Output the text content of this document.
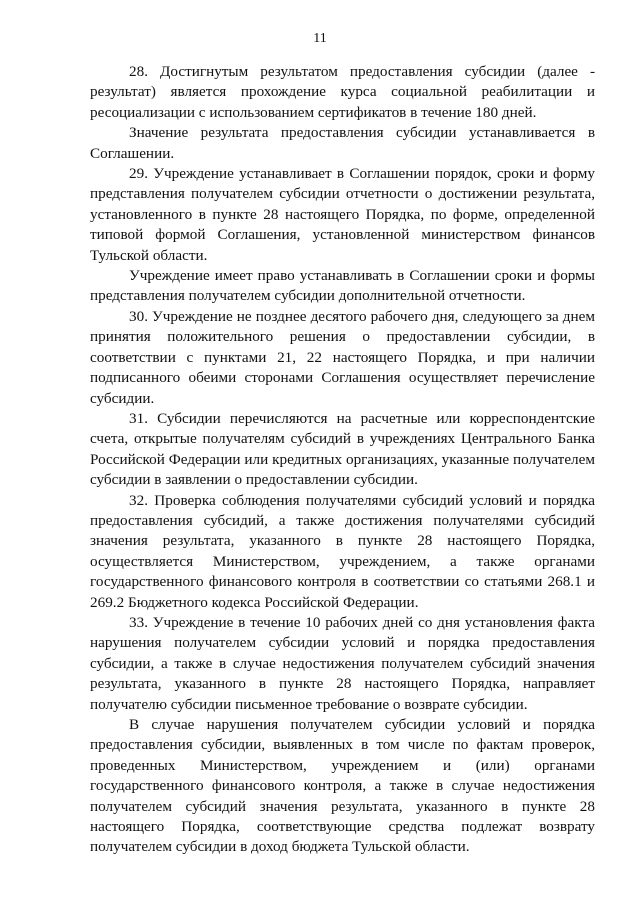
11

28. Достигнутым результатом предоставления субсидии (далее - результат) является прохождение курса социальной реабилитации и ресоциализации с использованием сертификатов в течение 180 дней.

Значение результата предоставления субсидии устанавливается в Соглашении.

29. Учреждение устанавливает в Соглашении порядок, сроки и форму представления получателем субсидии отчетности о достижении результата, установленного в пункте 28 настоящего Порядка, по форме, определенной типовой формой Соглашения, установленной министерством финансов Тульской области.

Учреждение имеет право устанавливать в Соглашении сроки и формы представления получателем субсидии дополнительной отчетности.

30. Учреждение не позднее десятого рабочего дня, следующего за днем принятия положительного решения о предоставлении субсидии, в соответствии с пунктами 21, 22 настоящего Порядка, и при наличии подписанного обеими сторонами Соглашения осуществляет перечисление субсидии.

31. Субсидии перечисляются на расчетные или корреспондентские счета, открытые получателям субсидий в учреждениях Центрального Банка Российской Федерации или кредитных организациях, указанные получателем субсидии в заявлении о предоставлении субсидии.

32. Проверка соблюдения получателями субсидий условий и порядка предоставления субсидий, а также достижения получателями субсидий значения результата, указанного в пункте 28 настоящего Порядка, осуществляется Министерством, учреждением, а также органами государственного финансового контроля в соответствии со статьями 268.1 и 269.2 Бюджетного кодекса Российской Федерации.

33. Учреждение в течение 10 рабочих дней со дня установления факта нарушения получателем субсидии условий и порядка предоставления субсидии, а также в случае недостижения получателем субсидий значения результата, указанного в пункте 28 настоящего Порядка, направляет получателю субсидии письменное требование о возврате субсидии.

В случае нарушения получателем субсидии условий и порядка предоставления субсидии, выявленных в том числе по фактам проверок, проведенных Министерством, учреждением и (или) органами государственного финансового контроля, а также в случае недостижения получателем субсидий значения результата, указанного в пункте 28 настоящего Порядка, соответствующие средства подлежат возврату получателем субсидии в доход бюджета Тульской области.
